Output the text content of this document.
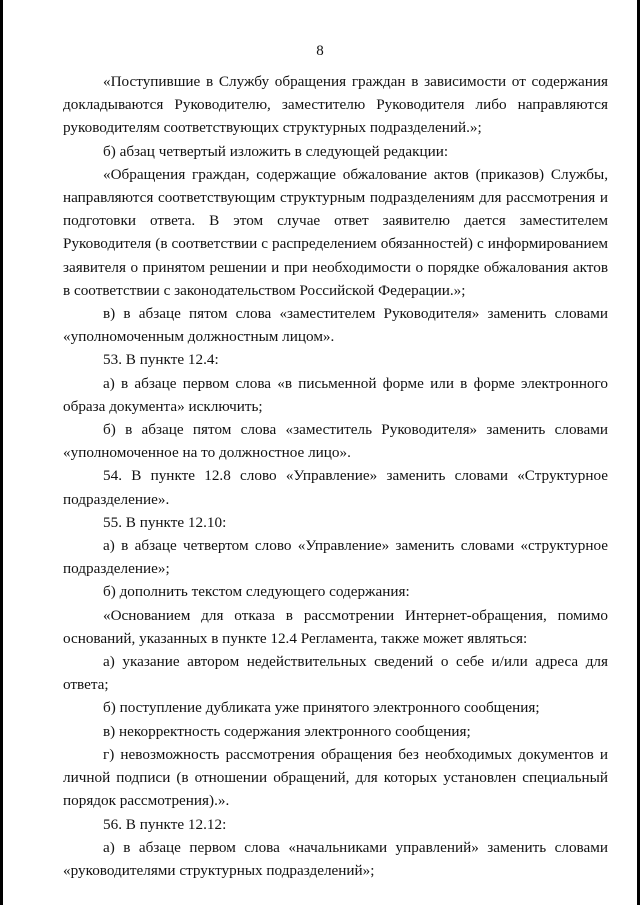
8

«Поступившие в Службу обращения граждан в зависимости от содержания докладываются Руководителю, заместителю Руководителя либо направляются руководителям соответствующих структурных подразделений.»;

б) абзац четвертый изложить в следующей редакции:

«Обращения граждан, содержащие обжалование актов (приказов) Службы, направляются соответствующим структурным подразделениям для рассмотрения и подготовки ответа. В этом случае ответ заявителю дается заместителем Руководителя (в соответствии с распределением обязанностей) с информированием заявителя о принятом решении и при необходимости о порядке обжалования актов в соответствии с законодательством Российской Федерации.»;

в) в абзаце пятом слова «заместителем Руководителя» заменить словами «уполномоченным должностным лицом».

53. В пункте 12.4:

а) в абзаце первом слова «в письменной форме или в форме электронного образа документа» исключить;

б) в абзаце пятом слова «заместитель Руководителя» заменить словами «уполномоченное на то должностное лицо».

54. В пункте 12.8 слово «Управление» заменить словами «Структурное подразделение».

55. В пункте 12.10:

а) в абзаце четвертом слово «Управление» заменить словами «структурное подразделение»;

б) дополнить текстом следующего содержания:

«Основанием для отказа в рассмотрении Интернет-обращения, помимо оснований, указанных в пункте 12.4 Регламента, также может являться:

а) указание автором недействительных сведений о себе и/или адреса для ответа;

б) поступление дубликата уже принятого электронного сообщения;

в) некорректность содержания электронного сообщения;

г) невозможность рассмотрения обращения без необходимых документов и личной подписи (в отношении обращений, для которых установлен специальный порядок рассмотрения).».

56. В пункте 12.12:

а) в абзаце первом слова «начальниками управлений» заменить словами «руководителями структурных подразделений»;
